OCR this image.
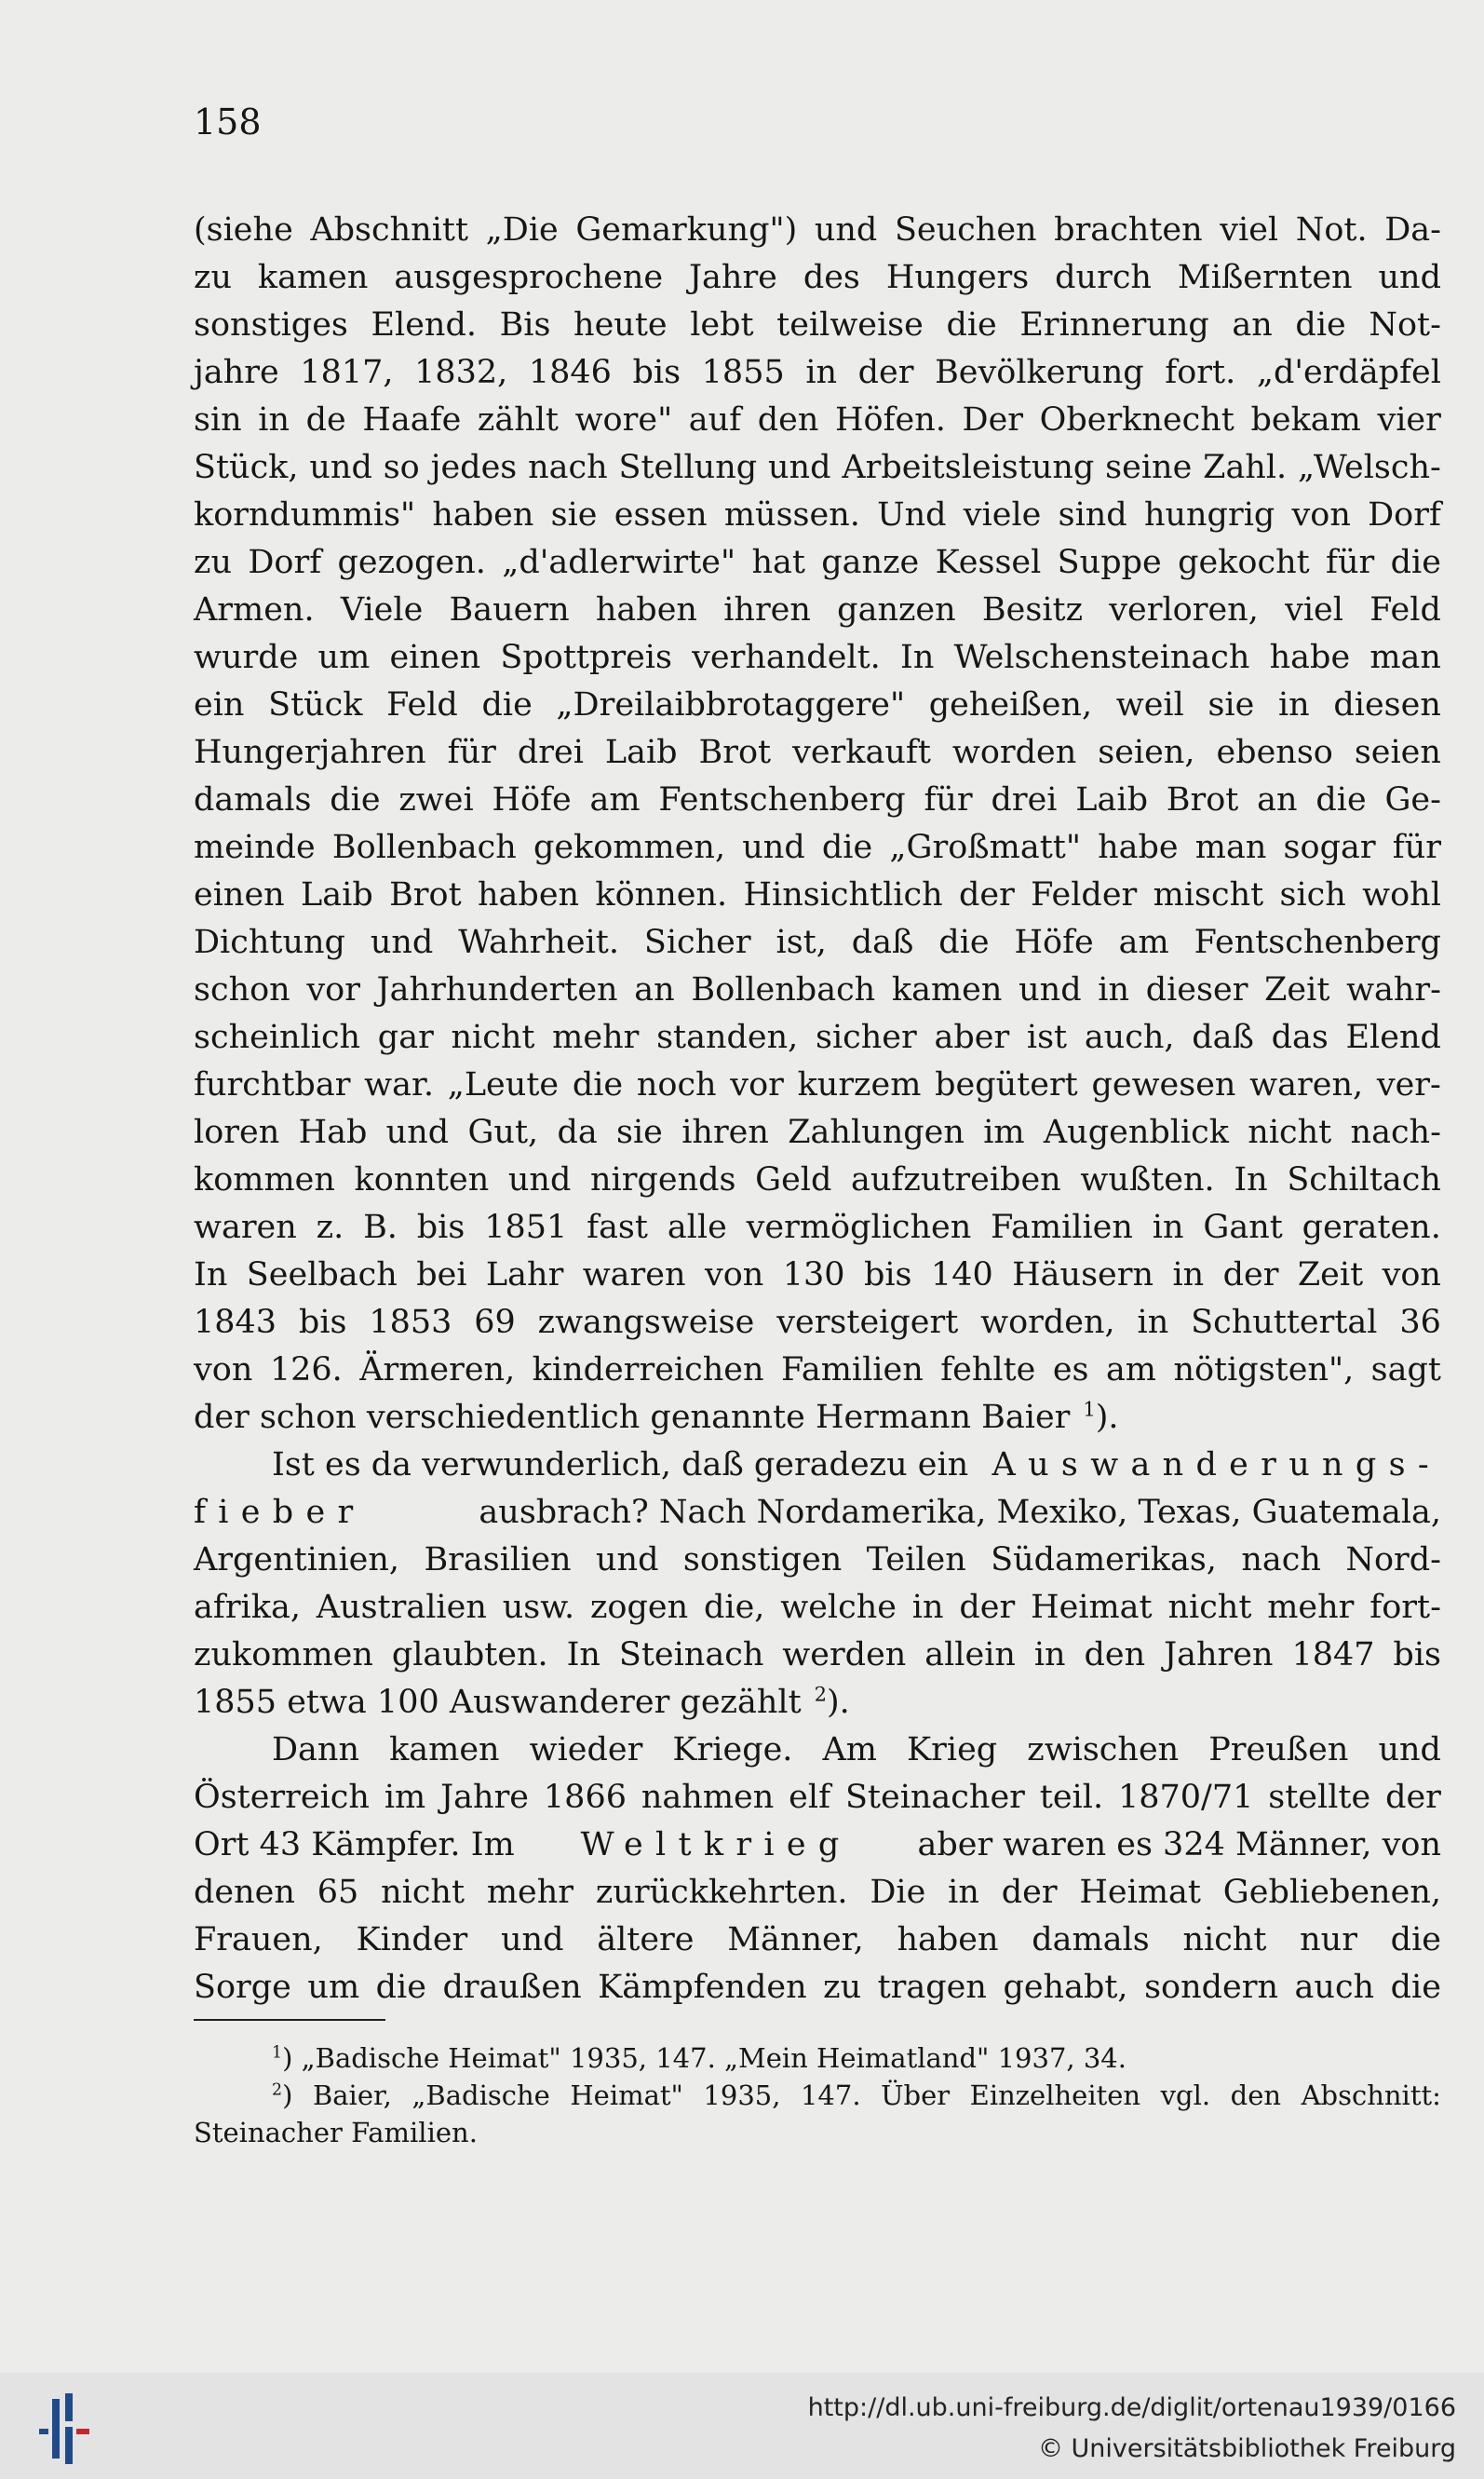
158
(siehe Abschnitt „Die Gemarkung") und Seuchen brachten viel Not. Da-
zu kamen ausgesprochene Jahre des Hungers durch Mißernten und
sonstiges Elend. Bis heute lebt teilweise die Erinnerung an die Not-
jahre 1817, 1832, 1846 bis 1855 in der Bevölkerung fort. „d'erdäpfel
sin in de Haafe zählt wore" auf den Höfen. Der Oberknecht bekam vier
Stück, und so jedes nach Stellung und Arbeitsleistung seine Zahl. „Welsch-
korndummis" haben sie essen müssen. Und viele sind hungrig von Dorf
zu Dorf gezogen. „d'adlerwirte" hat ganze Kessel Suppe gekocht für die
Armen. Viele Bauern haben ihren ganzen Besitz verloren, viel Feld
wurde um einen Spottpreis verhandelt. In Welschensteinach habe man
ein Stück Feld die „Dreilaibbrotaggere" geheißen, weil sie in diesen
Hungerjahren für drei Laib Brot verkauft worden seien, ebenso seien
damals die zwei Höfe am Fentschenberg für drei Laib Brot an die Ge-
meinde Bollenbach gekommen, und die „Großmatt" habe man sogar für
einen Laib Brot haben können. Hinsichtlich der Felder mischt sich wohl
Dichtung und Wahrheit. Sicher ist, daß die Höfe am Fentschenberg
schon vor Jahrhunderten an Bollenbach kamen und in dieser Zeit wahr-
scheinlich gar nicht mehr standen, sicher aber ist auch, daß das Elend
furchtbar war. „Leute die noch vor kurzem begütert gewesen waren, ver-
loren Hab und Gut, da sie ihren Zahlungen im Augenblick nicht nach-
kommen konnten und nirgends Geld aufzutreiben wußten. In Schiltach
waren z. B. bis 1851 fast alle vermöglichen Familien in Gant geraten.
In Seelbach bei Lahr waren von 130 bis 140 Häusern in der Zeit von
1843 bis 1853 69 zwangsweise versteigert worden, in Schuttertal 36
von 126. Ärmeren, kinderreichen Familien fehlte es am nötigsten", sagt
der schon verschiedentlich genannte Hermann Baier $^1$).
Ist es da verwunderlich, daß geradezu ein Auswanderungs-
fieber	ausbrach? Nach Nordamerika, Mexiko, Texas, Guatemala,
Argentinien, Brasilien und sonstigen Teilen Südamerikas, nach Nord-
afrika, Australien usw. zogen die, welche in der Heimat nicht mehr fort-
zukommen glaubten. In Steinach werden allein in den Jahren 1847 bis
1855 etwa 100 Auswanderer gezählt $^2$).
Dann kamen wieder Kriege. Am Krieg zwischen Preußen und
Österreich im Jahre 1866 nahmen elf Steinacher teil. 1870/71 stellte der
Ort 43 Kämpfer. Im Weltkrieg aber waren es 324 Männer, von
denen 65 nicht mehr zurückkehrten. Die in der Heimat Gebliebenen,
Frauen, Kinder und ältere Männer, haben damals nicht nur die
Sorge um die draußen Kämpfenden zu tragen gehabt, sondern auch die
$^1$) „Badische Heimat" 1935, 147. „Mein Heimatland" 1937, 34.
$^2$) Baier, „Badische Heimat" 1935, 147. Über Einzelheiten vgl. den Abschnitt:
Steinacher Familien.
http://dl.ub.uni-freiburg.de/diglit/ortenau1939/0166
© Universitätsbibliothek Freiburg
